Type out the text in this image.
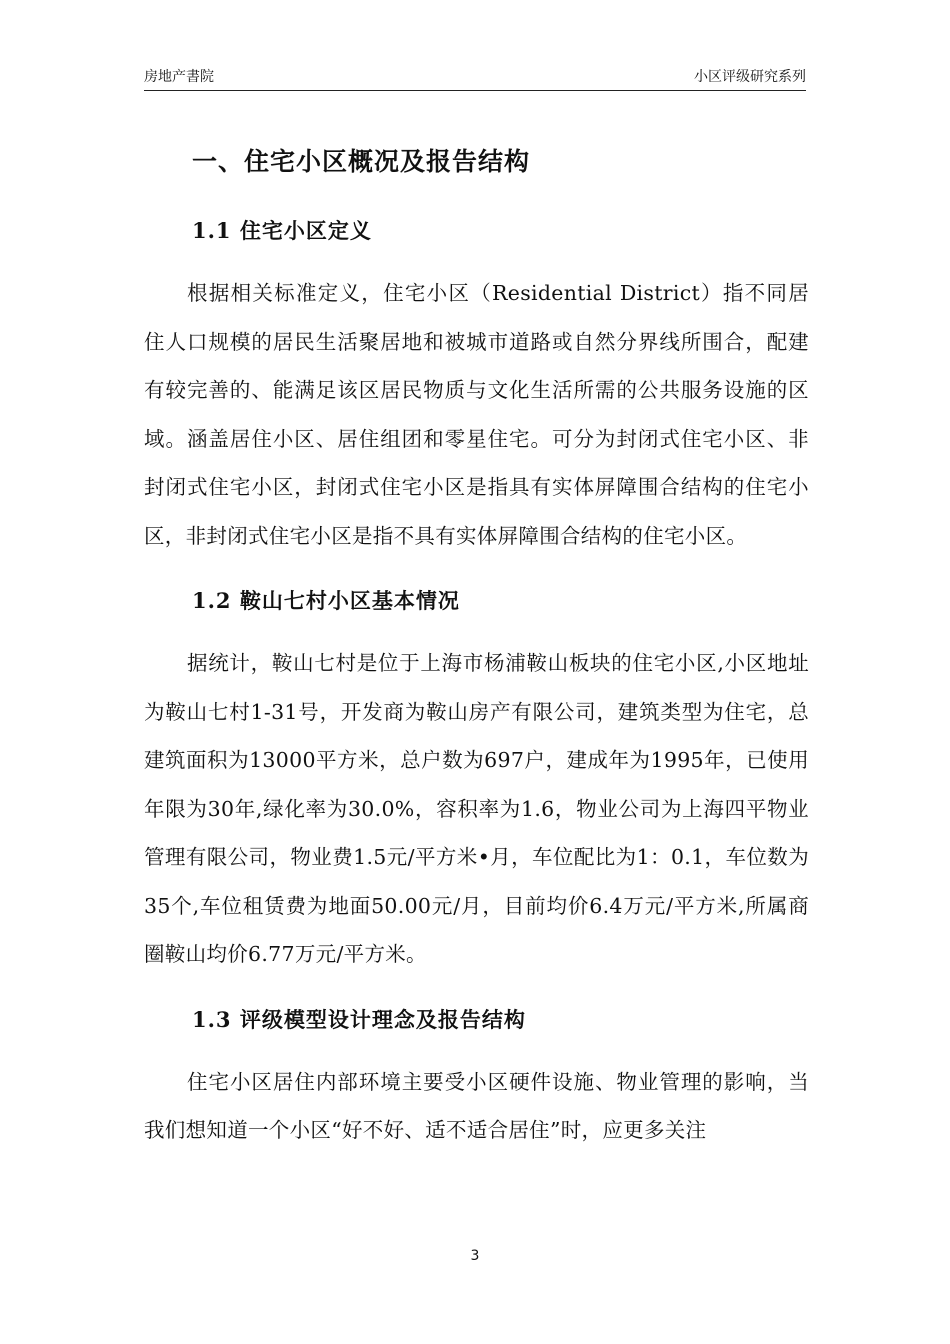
房地产書院	小区评级研究系列
一、住宅小区概况及报告结构
1.1 住宅小区定义

根据相关标准定义，住宅小区（Residential District）指不同居住人口规模的居民生活聚居地和被城市道路或自然分界线所围合，配建有较完善的、能满足该区居民物质与文化生活所需的公共服务设施的区域。涵盖居住小区、居住组团和零星住宅。可分为封闭式住宅小区、非封闭式住宅小区，封闭式住宅小区是指具有实体屏障围合结构的住宅小区，非封闭式住宅小区是指不具有实体屏障围合结构的住宅小区。

1.2 鞍山七村小区基本情况

据统计，鞍山七村是位于上海市杨浦鞍山板块的住宅小区,小区地址为鞍山七村1-31号，开发商为鞍山房产有限公司，建筑类型为住宅，总建筑面积为13000平方米，总户数为697户，建成年为1995年，已使用年限为30年,绿化率为30.0%，容积率为1.6，物业公司为上海四平物业管理有限公司，物业费1.5元/平方米•月，车位配比为1：0.1，车位数为35个,车位租赁费为地面50.00元/月，目前均价6.4万元/平方米,所属商圈鞍山均价6.77万元/平方米。

1.3 评级模型设计理念及报告结构

住宅小区居住内部环境主要受小区硬件设施、物业管理的影响，当我们想知道一个小区“好不好、适不适合居住”时，应更多关注

3
